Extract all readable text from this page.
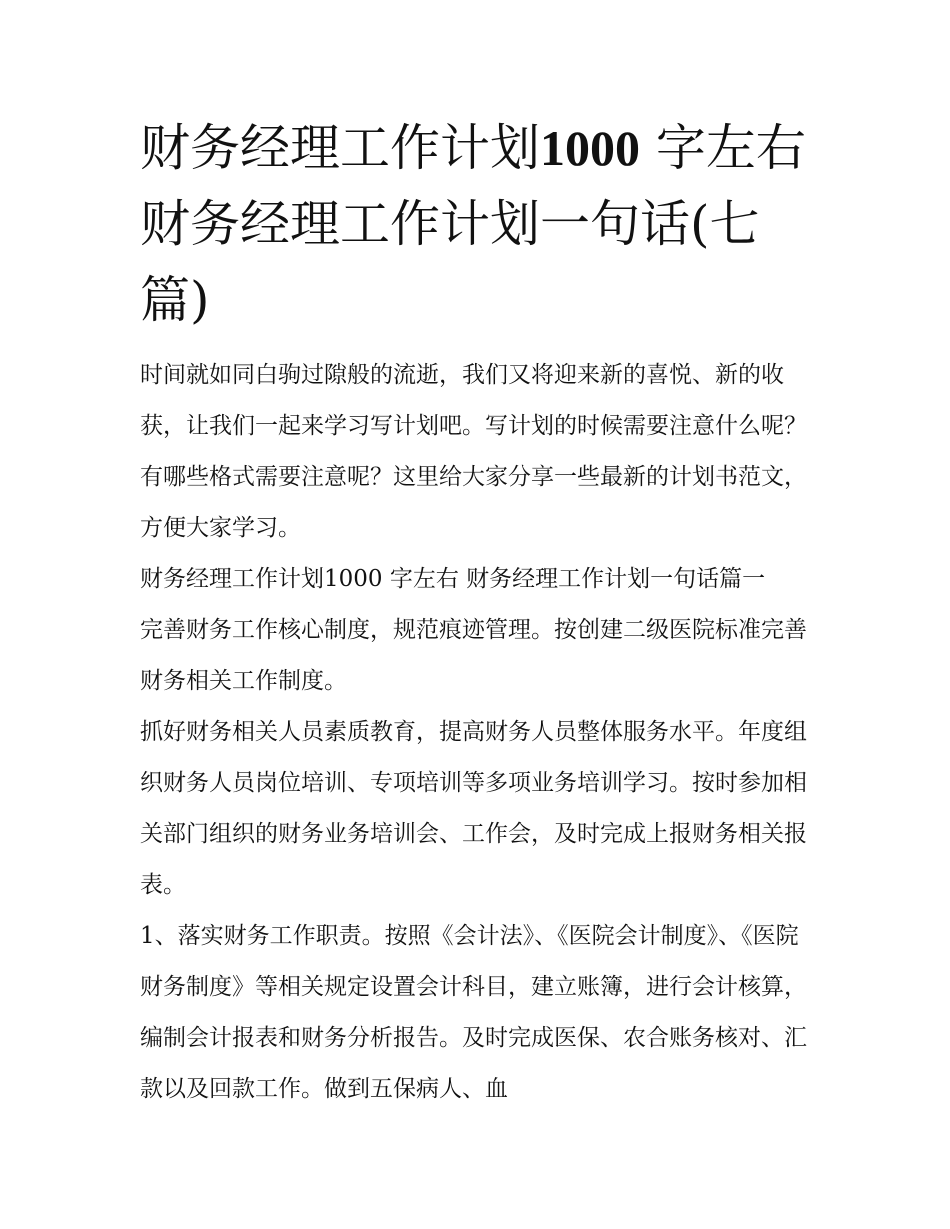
财务经理工作计划1000 字左右 财务经理工作计划一句话(七篇)

时间就如同白驹过隙般的流逝，我们又将迎来新的喜悦、新的收获，让我们一起来学习写计划吧。写计划的时候需要注意什么呢？有哪些格式需要注意呢？这里给大家分享一些最新的计划书范文，方便大家学习。

财务经理工作计划1000 字左右 财务经理工作计划一句话篇一

完善财务工作核心制度，规范痕迹管理。按创建二级医院标准完善财务相关工作制度。

抓好财务相关人员素质教育，提高财务人员整体服务水平。年度组织财务人员岗位培训、专项培训等多项业务培训学习。按时参加相关部门组织的财务业务培训会、工作会，及时完成上报财务相关报表。

1、落实财务工作职责。按照《会计法》、《医院会计制度》、《医院财务制度》等相关规定设置会计科目，建立账簿，进行会计核算，编制会计报表和财务分析报告。及时完成医保、农合账务核对、汇款以及回款工作。做到五保病人、血
